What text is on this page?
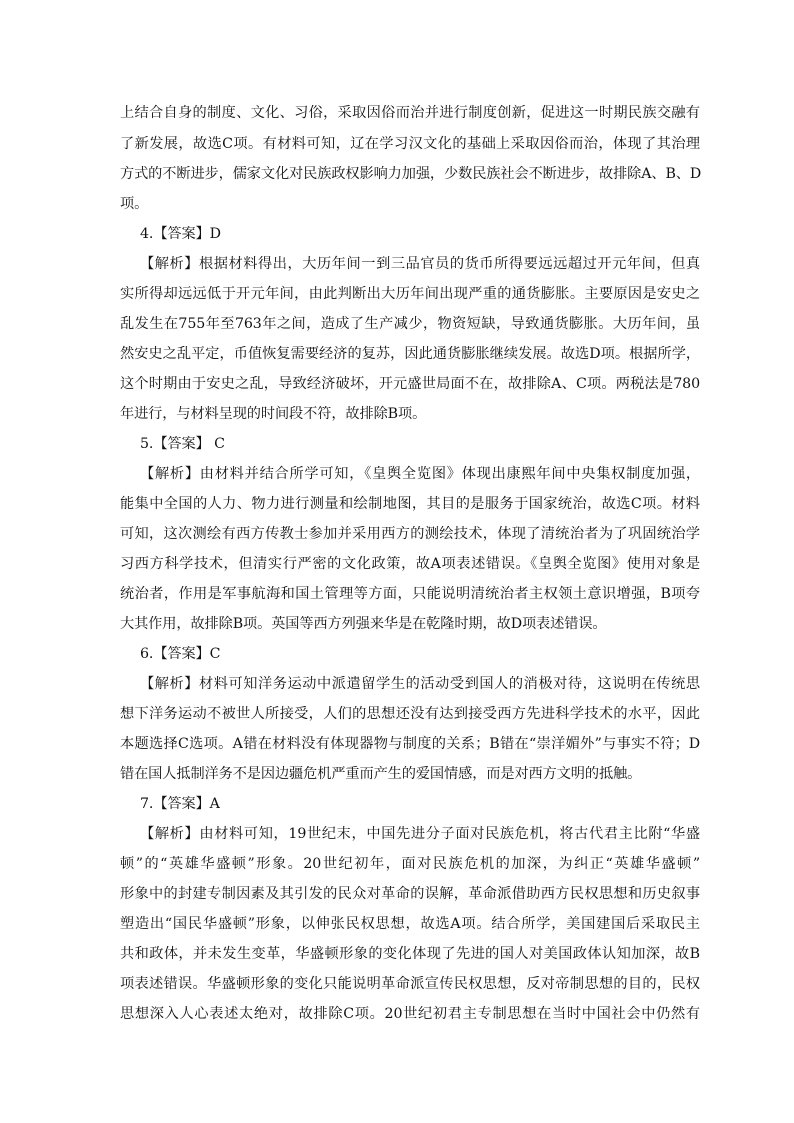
上结合自身的制度、文化、习俗，采取因俗而治并进行制度创新，促进这一时期民族交融有
了新发展，故选C项。有材料可知，辽在学习汉文化的基础上采取因俗而治，体现了其治理
方式的不断进步，儒家文化对民族政权影响力加强，少数民族社会不断进步，故排除A、B、D
项。
4.【答案】D
【解析】根据材料得出，大历年间一到三品官员的货币所得要远远超过开元年间，但真
实所得却远远低于开元年间，由此判断出大历年间出现严重的通货膨胀。主要原因是安史之
乱发生在755年至763年之间，造成了生产减少，物资短缺，导致通货膨胀。大历年间，虽
然安史之乱平定，币值恢复需要经济的复苏，因此通货膨胀继续发展。故选D项。根据所学，
这个时期由于安史之乱，导致经济破坏，开元盛世局面不在，故排除A、C项。两税法是780
年进行，与材料呈现的时间段不符，故排除B项。
5.【答案】 C
【解析】由材料并结合所学可知，《皇舆全览图》体现出康熙年间中央集权制度加强，
能集中全国的人力、物力进行测量和绘制地图，其目的是服务于国家统治，故选C项。材料
可知，这次测绘有西方传教士参加并采用西方的测绘技术，体现了清统治者为了巩固统治学
习西方科学技术，但清实行严密的文化政策，故A项表述错误。《皇舆全览图》使用对象是
统治者，作用是军事航海和国土管理等方面，只能说明清统治者主权领土意识增强，B项夸
大其作用，故排除B项。英国等西方列强来华是在乾隆时期，故D项表述错误。
6.【答案】C
【解析】材料可知洋务运动中派遣留学生的活动受到国人的消极对待，这说明在传统思
想下洋务运动不被世人所接受，人们的思想还没有达到接受西方先进科学技术的水平，因此
本题选择C选项。A错在材料没有体现器物与制度的关系；B错在“崇洋媚外”与事实不符；D
错在国人抵制洋务不是因边疆危机严重而产生的爱国情感，而是对西方文明的抵触。
7.【答案】A
【解析】由材料可知，19世纪末，中国先进分子面对民族危机，将古代君主比附“华盛
顿”的“英雄华盛顿”形象。20世纪初年，面对民族危机的加深，为纠正“英雄华盛顿”
形象中的封建专制因素及其引发的民众对革命的误解，革命派借助西方民权思想和历史叙事
塑造出“国民华盛顿”形象，以伸张民权思想，故选A项。结合所学，美国建国后采取民主
共和政体，并未发生变革，华盛顿形象的变化体现了先进的国人对美国政体认知加深，故B
项表述错误。华盛顿形象的变化只能说明革命派宣传民权思想，反对帝制思想的目的，民权
思想深入人心表述太绝对，故排除C项。20世纪初君主专制思想在当时中国社会中仍然有
